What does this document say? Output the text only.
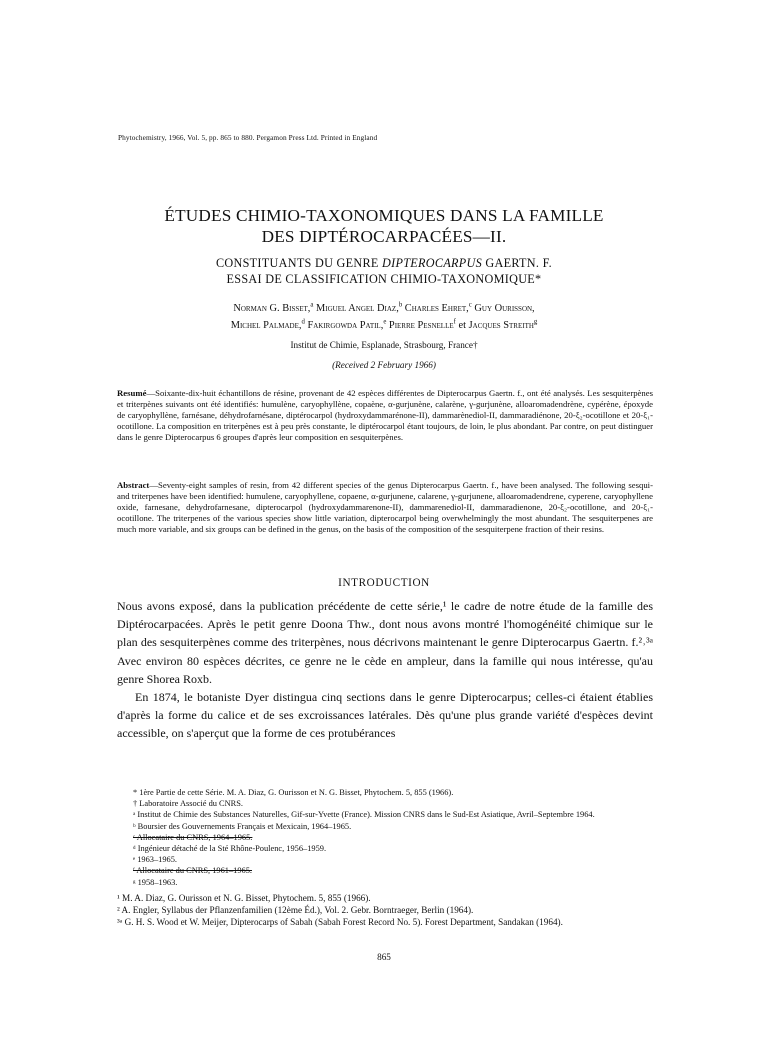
Phytochemistry, 1966, Vol. 5, pp. 865 to 880. Pergamon Press Ltd. Printed in England
ÉTUDES CHIMIO-TAXONOMIQUES DANS LA FAMILLE
DES DIPTÉROCARPACÉES—II.
CONSTITUANTS DU GENRE DIPTEROCARPUS GAERTN. F.
ESSAI DE CLASSIFICATION CHIMIO-TAXONOMIQUE*
Norman G. Bisset,$^a$ Miguel Angel Diaz,$^b$ Charles Ehret,$^c$ Guy Ourisson,
Michel Palmade,$^d$ Fakirgowda Patil,$^e$ Pierre Pesnelle$^f$ et Jacques Streith$^g$
Institut de Chimie, Esplanade, Strasbourg, France†
(Received 2 February 1966)
Resumé—Soixante-dix-huit échantillons de résine, provenant de 42 espèces différentes de Dipterocarpus Gaertn. f., ont été analysés. Les sesquiterpènes et triterpènes suivants ont été identifiés: humulène, caryophyllène, copaène, α-gurjunène, calarène, γ-gurjunène, alloaromadendrène, cypérène, époxyde de caryophyllène, farnésane, déhydrofarnésane, diptérocarpol (hydroxydammarénone-II), dammarènediol-II, dammaradiénone, 20-ξ₂-ocotillone et 20-ξ₁-ocotillone. La composition en triterpènes est à peu près constante, le diptérocarpol étant toujours, de loin, le plus abondant. Par contre, on peut distinguer dans le genre Dipterocarpus 6 groupes d'après leur composition en sesquiterpènes.
Abstract—Seventy-eight samples of resin, from 42 different species of the genus Dipterocarpus Gaertn. f., have been analysed. The following sesqui- and triterpenes have been identified: humulene, caryophyllene, copaene, α-gurjunene, calarene, γ-gurjunene, alloaromadendrene, cyperene, caryophyllene oxide, farnesane, dehydrofarnesane, dipterocarpol (hydroxydammarenone-II), dammarenediol-II, dammaradienone, 20-ξ₂-ocotillone, and 20-ξ₁-ocotillone. The triterpenes of the various species show little variation, dipterocarpol being overwhelmingly the most abundant. The sesquiterpenes are much more variable, and six groups can be defined in the genus, on the basis of the composition of the sesquiterpene fraction of their resins.
INTRODUCTION

Nous avons exposé, dans la publication précédente de cette série,¹ le cadre de notre étude de la famille des Diptérocarpacées. Après le petit genre Doona Thw., dont nous avons montré l'homogénéité chimique sur le plan des sesquiterpènes comme des triterpènes, nous décrivons maintenant le genre Dipterocarpus Gaertn. f.²˒³ᵃ Avec environ 80 espèces décrites, ce genre ne le cède en ampleur, dans la famille qui nous intéresse, qu'au genre Shorea Roxb.

En 1874, le botaniste Dyer distingua cinq sections dans le genre Dipterocarpus; celles-ci étaient établies d'après la forme du calice et de ses excroissances latérales. Dès qu'une plus grande variété d'espèces devint accessible, on s'aperçut que la forme de ces protubérances

* 1ère Partie de cette Série. M. A. Diaz, G. Ourisson et N. G. Bisset, Phytochem. 5, 855 (1966).
† Laboratoire Associé du CNRS.
ᵃ Institut de Chimie des Substances Naturelles, Gif-sur-Yvette (France). Mission CNRS dans le Sud-Est Asiatique, Avril–Septembre 1964.
ᵇ Boursier des Gouvernements Français et Mexicain, 1964–1965.
ᶜ Allocataire du CNRS, 1964–1965.
ᵈ Ingénieur détaché de la Sté Rhône-Poulenc, 1956–1959.
ᵉ 1963–1965.
ᶠ Allocataire du CNRS, 1961–1965.
ᵍ 1958–1963.
¹ M. A. Diaz, G. Ourisson et N. G. Bisset, Phytochem. 5, 855 (1966).
² A. Engler, Syllabus der Pflanzenfamilien (12ème Éd.), Vol. 2. Gebr. Borntraeger, Berlin (1964).
³ᵃ G. H. S. Wood et W. Meijer, Dipterocarps of Sabah (Sabah Forest Record No. 5). Forest Department, Sandakan (1964).
865
